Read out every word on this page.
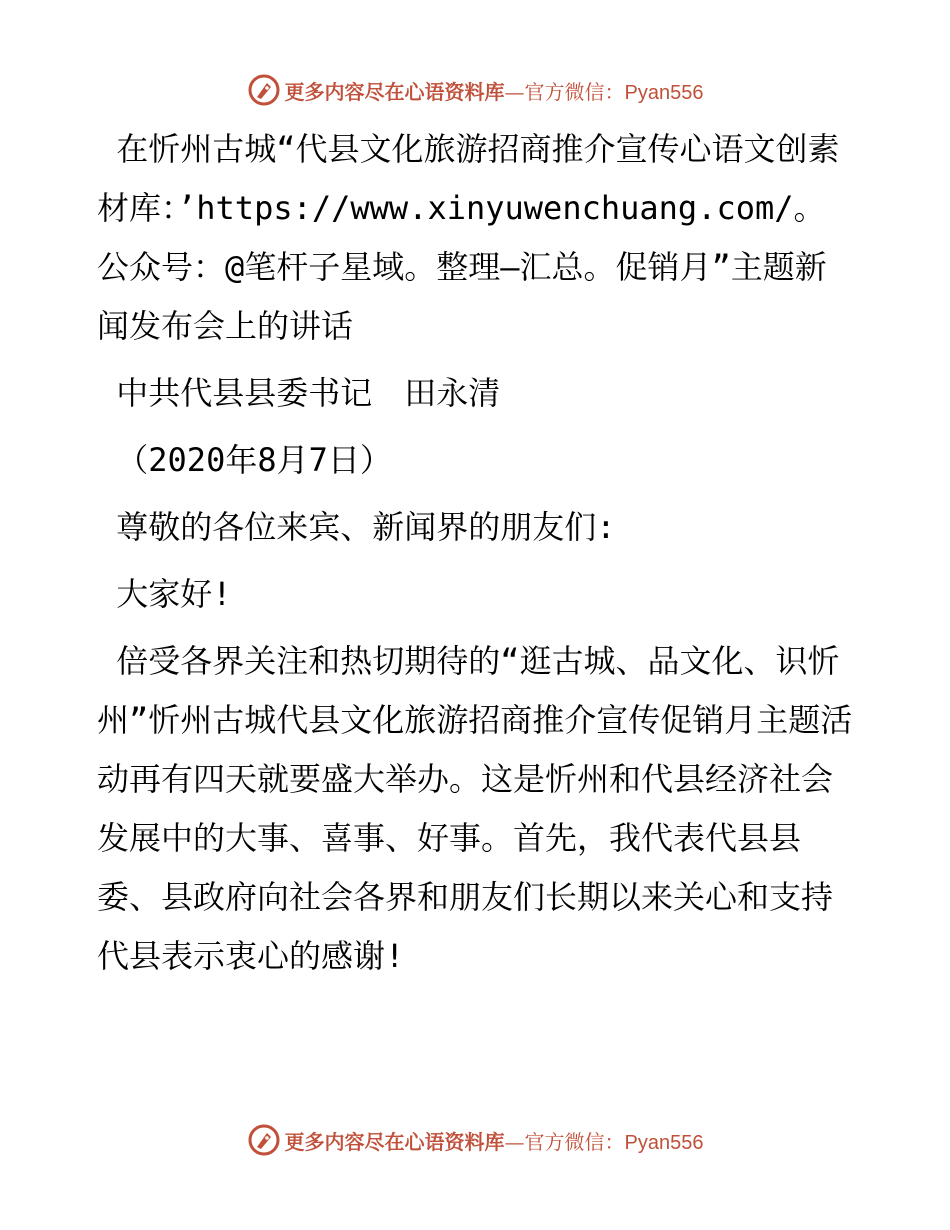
更多内容尽在心语资料库—官方微信：Pyan556

在忻州古城“代县文化旅游招商推介宣传心语文创素材库：’https://www.xinyuwenchuang.com/。公众号：@笔杆子星域。整理—汇总。促销月”主题新闻发布会上的讲话

中共代县县委书记　田永清

（2020年8月7日）

尊敬的各位来宾、新闻界的朋友们:

大家好!

倍受各界关注和热切期待的“逛古城、品文化、识忻州”忻州古城代县文化旅游招商推介宣传促销月主题活动再有四天就要盛大举办。这是忻州和代县经济社会发展中的大事、喜事、好事。首先，我代表代县县委、县政府向社会各界和朋友们长期以来关心和支持代县表示衷心的感谢!

更多内容尽在心语资料库—官方微信：Pyan556
